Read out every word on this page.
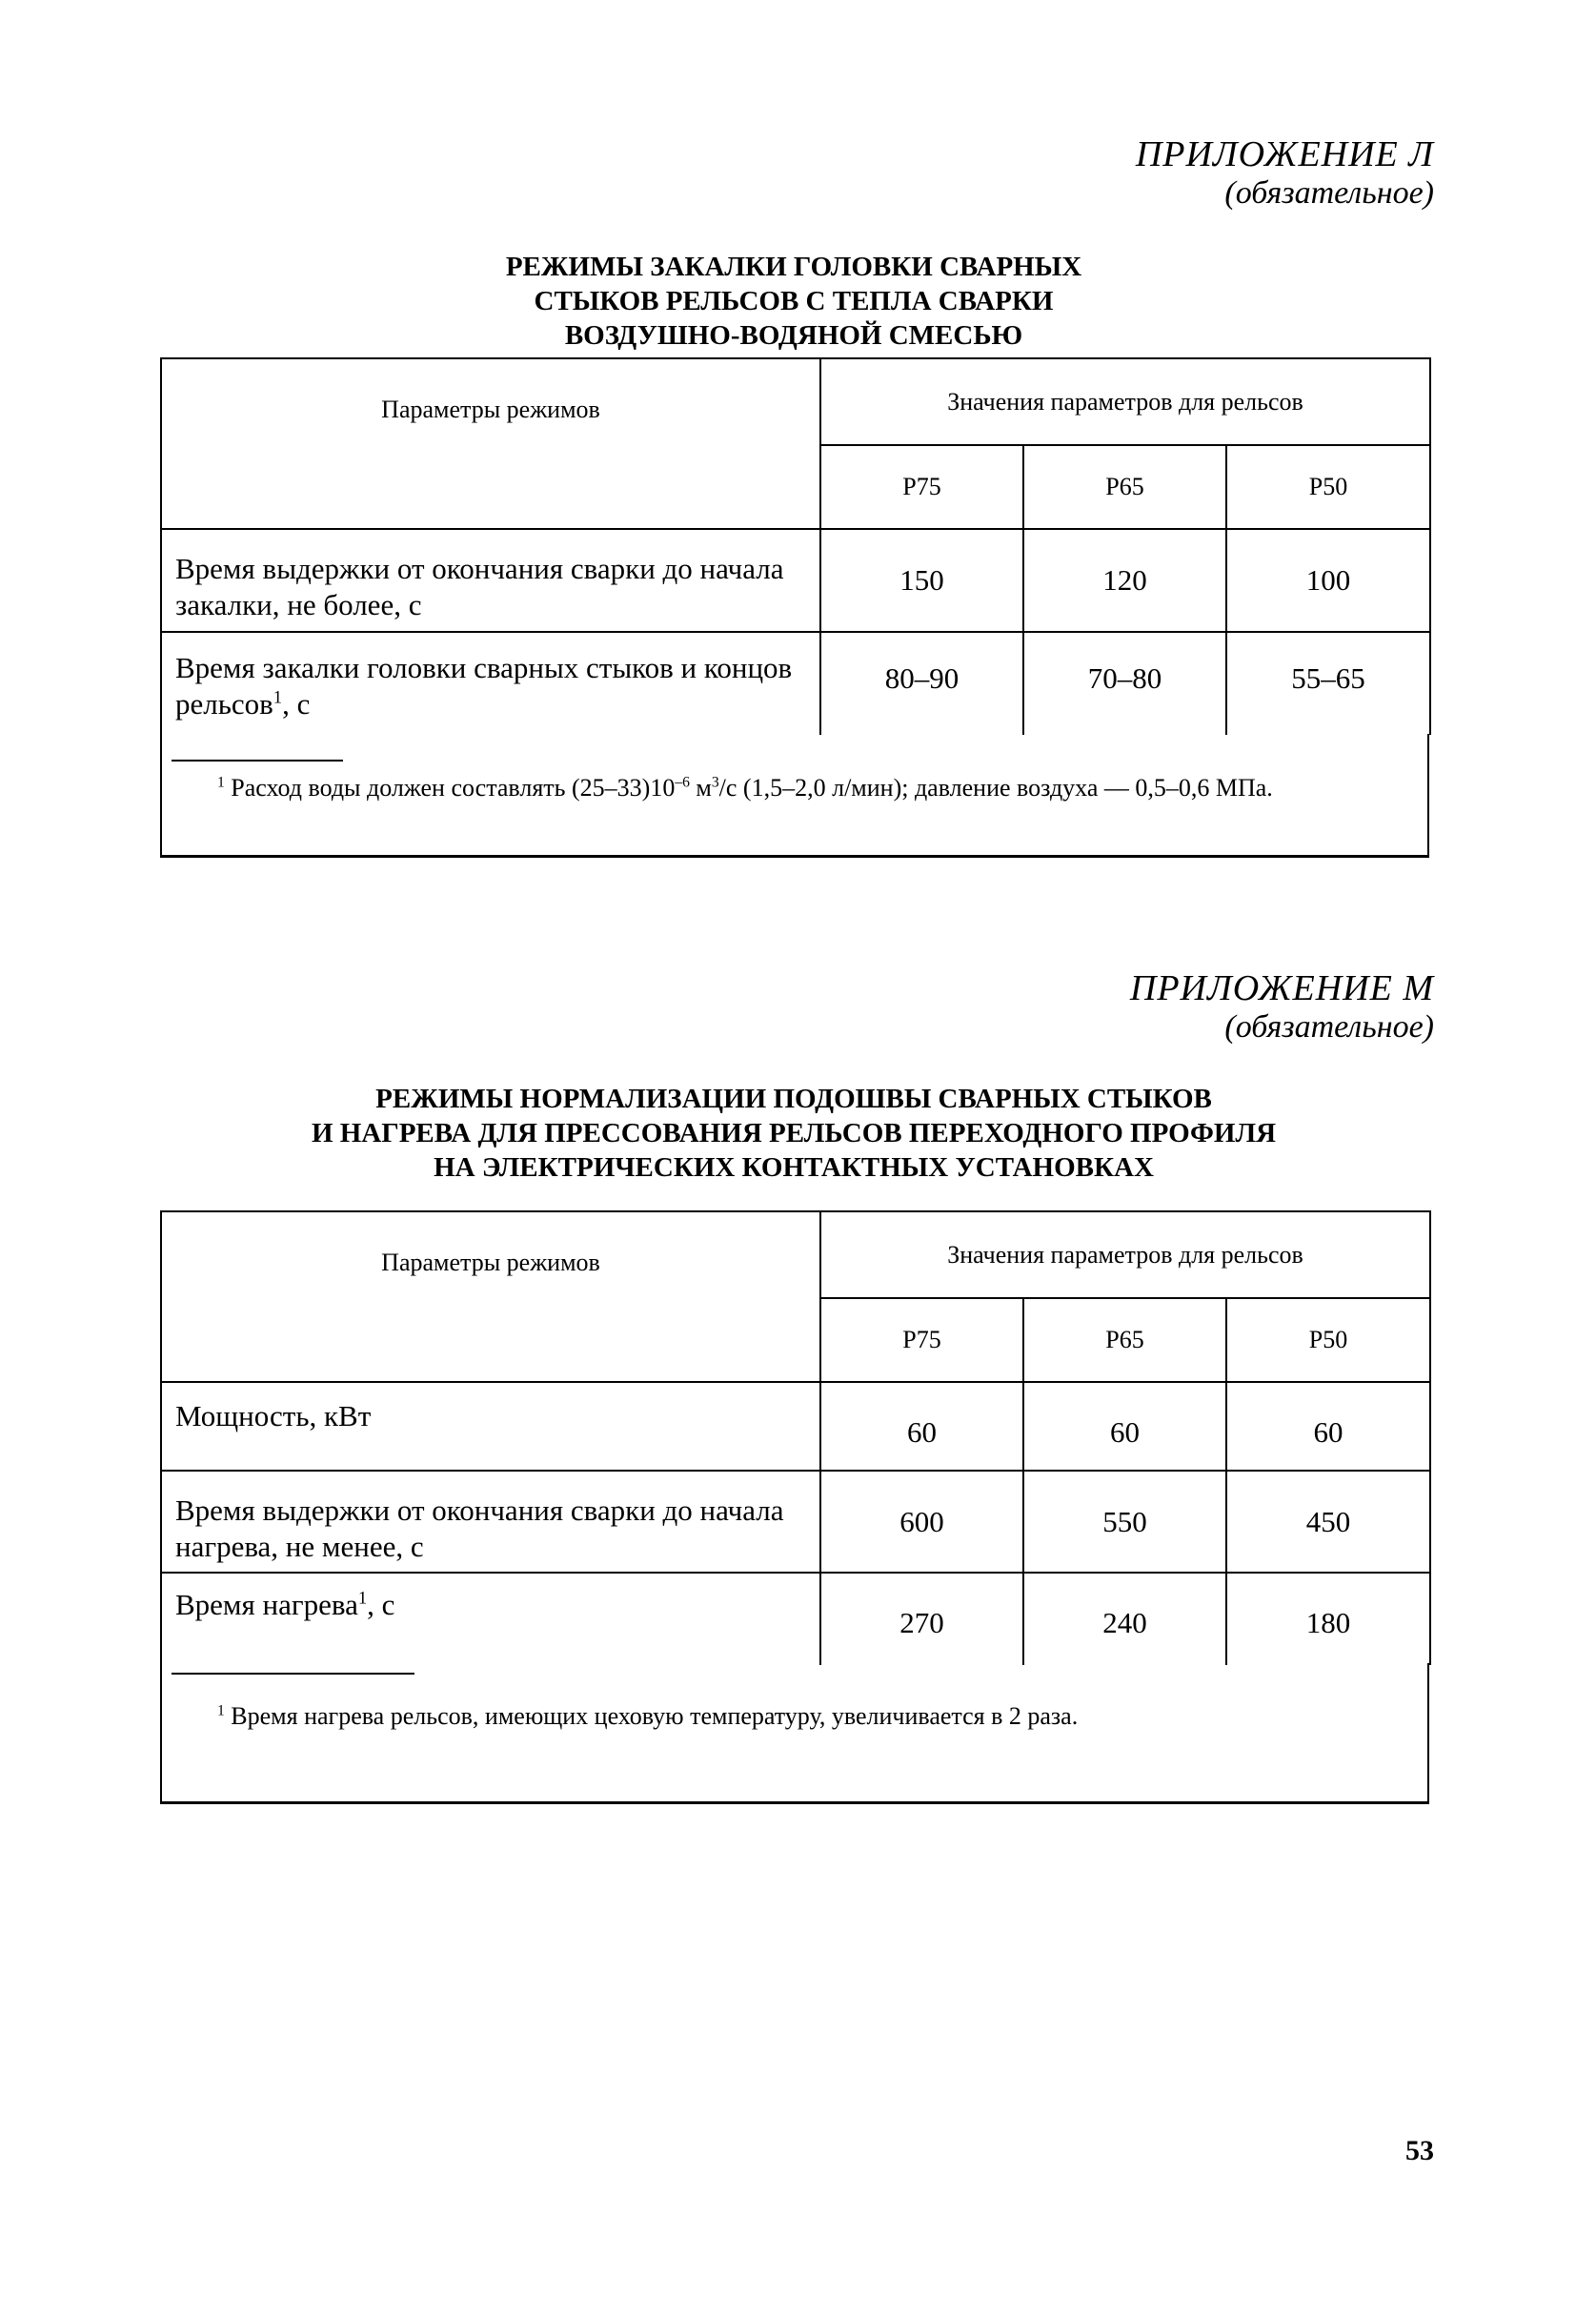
ПРИЛОЖЕНИЕ Л
(обязательное)
РЕЖИМЫ ЗАКАЛКИ ГОЛОВКИ СВАРНЫХ
СТЫКОВ РЕЛЬСОВ С ТЕПЛА СВАРКИ
ВОЗДУШНО-ВОДЯНОЙ СМЕСЬЮ
Параметры режимов	Значения параметров для рельсов		
	Р75	Р65	Р50
Время выдержки от окончания сварки до начала закалки, не более, с	150	120	100
Время закалки головки сварных стыков и концов рельсов$^1$, с	80–90	70–80	55–65
$^1$ Расход воды должен составлять $(25-33)10^{-6}$ $м^3/с$ (1,5–2,0 л/мин); давление воздуха — 0,5–0,6 МПа.
ПРИЛОЖЕНИЕ М
(обязательное)
РЕЖИМЫ НОРМАЛИЗАЦИИ ПОДОШВЫ СВАРНЫХ СТЫКОВ
И НАГРЕВА ДЛЯ ПРЕССОВАНИЯ РЕЛЬСОВ ПЕРЕХОДНОГО ПРОФИЛЯ
НА ЭЛЕКТРИЧЕСКИХ КОНТАКТНЫХ УСТАНОВКАХ
Параметры режимов	Значения параметров для рельсов		
	Р75	Р65	Р50
Мощность, кВт	60	60	60
Время выдержки от окончания сварки до начала нагрева, не менее, с	600	550	450
Время нагрева$^1$, с	270	240	180
$^1$ Время нагрева рельсов, имеющих цеховую температуру, увеличивается в 2 раза.
53
